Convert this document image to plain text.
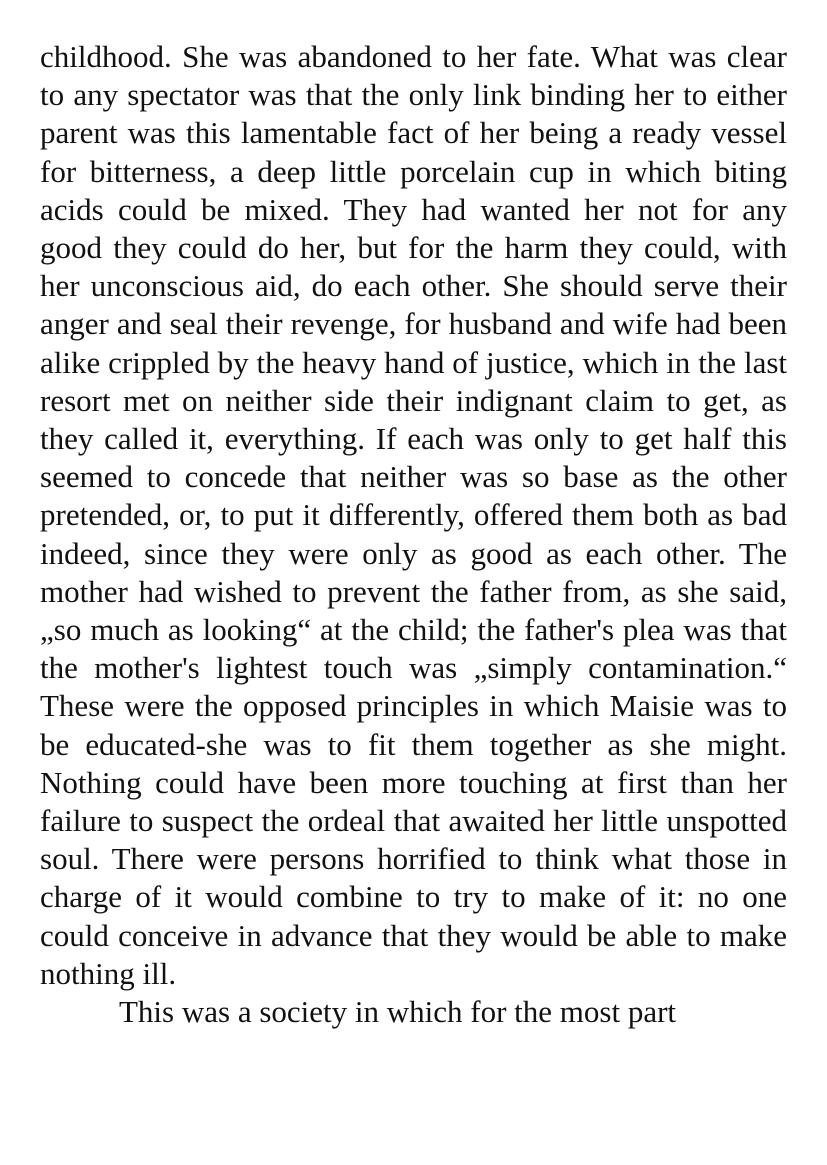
childhood. She was abandoned to her fate. What was clear to any spectator was that the only link binding her to either parent was this lamentable fact of her being a ready vessel for bitterness, a deep little porcelain cup in which biting acids could be mixed. They had wanted her not for any good they could do her, but for the harm they could, with her unconscious aid, do each other. She should serve their anger and seal their revenge, for husband and wife had been alike crippled by the heavy hand of justice, which in the last resort met on neither side their indignant claim to get, as they called it, everything. If each was only to get half this seemed to concede that neither was so base as the other pretended, or, to put it differently, offered them both as bad indeed, since they were only as good as each other. The mother had wished to prevent the father from, as she said, „so much as looking“ at the child; the father's plea was that the mother's lightest touch was „simply contamination.“ These were the opposed principles in which Maisie was to be educated-she was to fit them together as she might. Nothing could have been more touching at first than her failure to suspect the ordeal that awaited her little unspotted soul. There were persons horrified to think what those in charge of it would combine to try to make of it: no one could conceive in advance that they would be able to make nothing ill.

This was a society in which for the most part
